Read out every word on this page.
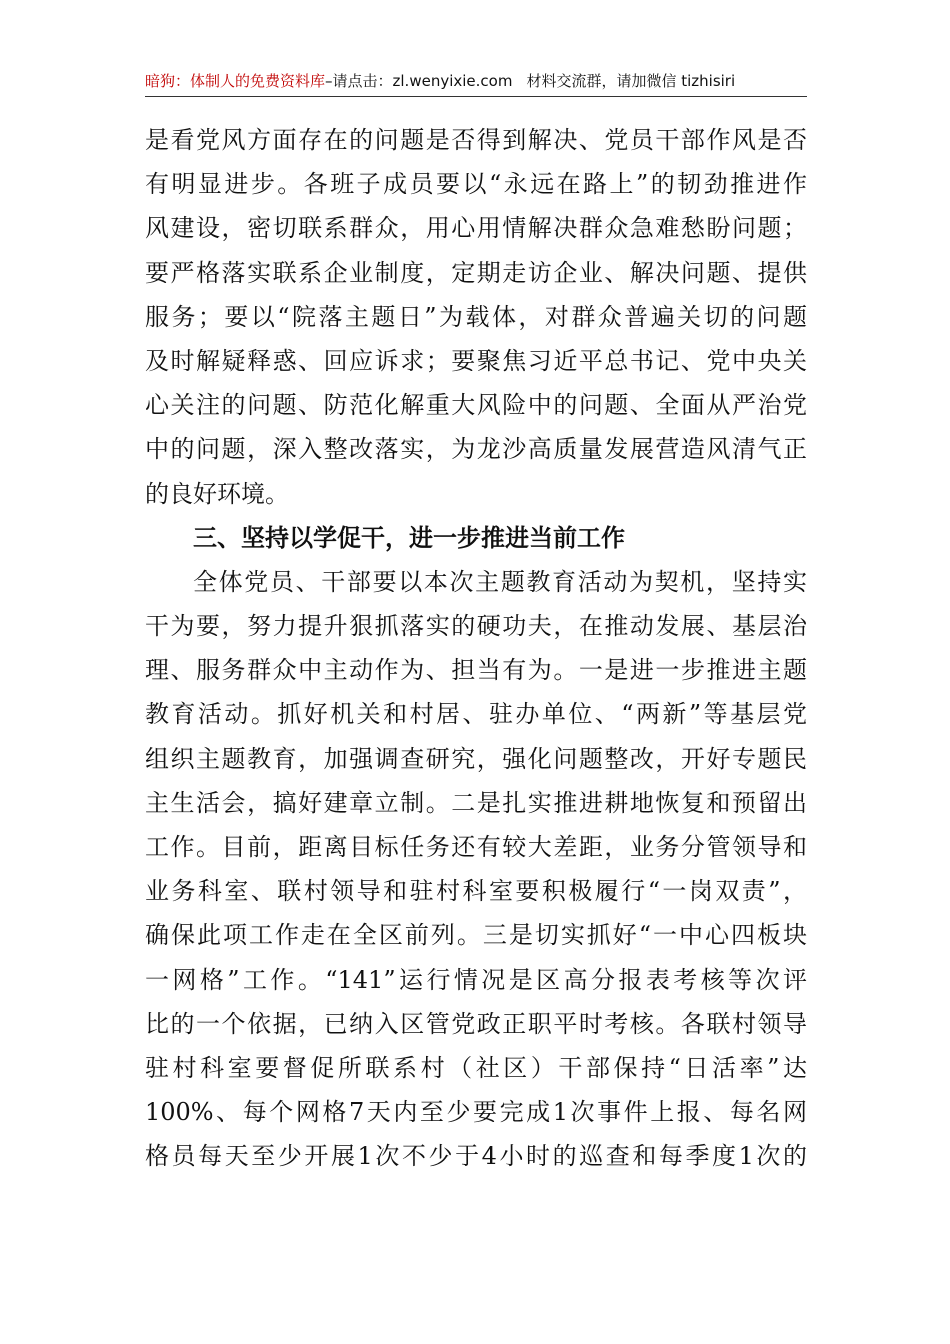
暗狗：体制人的免费资料库–请点击：zl.wenyixie.com 材料交流群，请加微信 tizhisiri
是看党风方面存在的问题是否得到解决、党员干部作风是否
有明显进步。各班子成员要以“永远在路上”的韧劲推进作
风建设，密切联系群众，用心用情解决群众急难愁盼问题；
要严格落实联系企业制度，定期走访企业、解决问题、提供
服务；要以“院落主题日”为载体，对群众普遍关切的问题
及时解疑释惑、回应诉求；要聚焦习近平总书记、党中央关
心关注的问题、防范化解重大风险中的问题、全面从严治党
中的问题，深入整改落实，为龙沙高质量发展营造风清气正
的良好环境。
三、坚持以学促干，进一步推进当前工作
全体党员、干部要以本次主题教育活动为契机，坚持实
干为要，努力提升狠抓落实的硬功夫，在推动发展、基层治
理、服务群众中主动作为、担当有为。一是进一步推进主题
教育活动。抓好机关和村居、驻办单位、“两新”等基层党
组织主题教育，加强调查研究，强化问题整改，开好专题民
主生活会，搞好建章立制。二是扎实推进耕地恢复和预留出
工作。目前，距离目标任务还有较大差距，业务分管领导和
业务科室、联村领导和驻村科室要积极履行“一岗双责”，
确保此项工作走在全区前列。三是切实抓好“一中心四板块
一网格”工作。“141”运行情况是区高分报表考核等次评
比的一个依据，已纳入区管党政正职平时考核。各联村领导
驻村科室要督促所联系村（社区）干部保持“日活率”达
100%、每个网格7天内至少要完成1次事件上报、每名网
格员每天至少开展1次不少于4小时的巡查和每季度1次的
